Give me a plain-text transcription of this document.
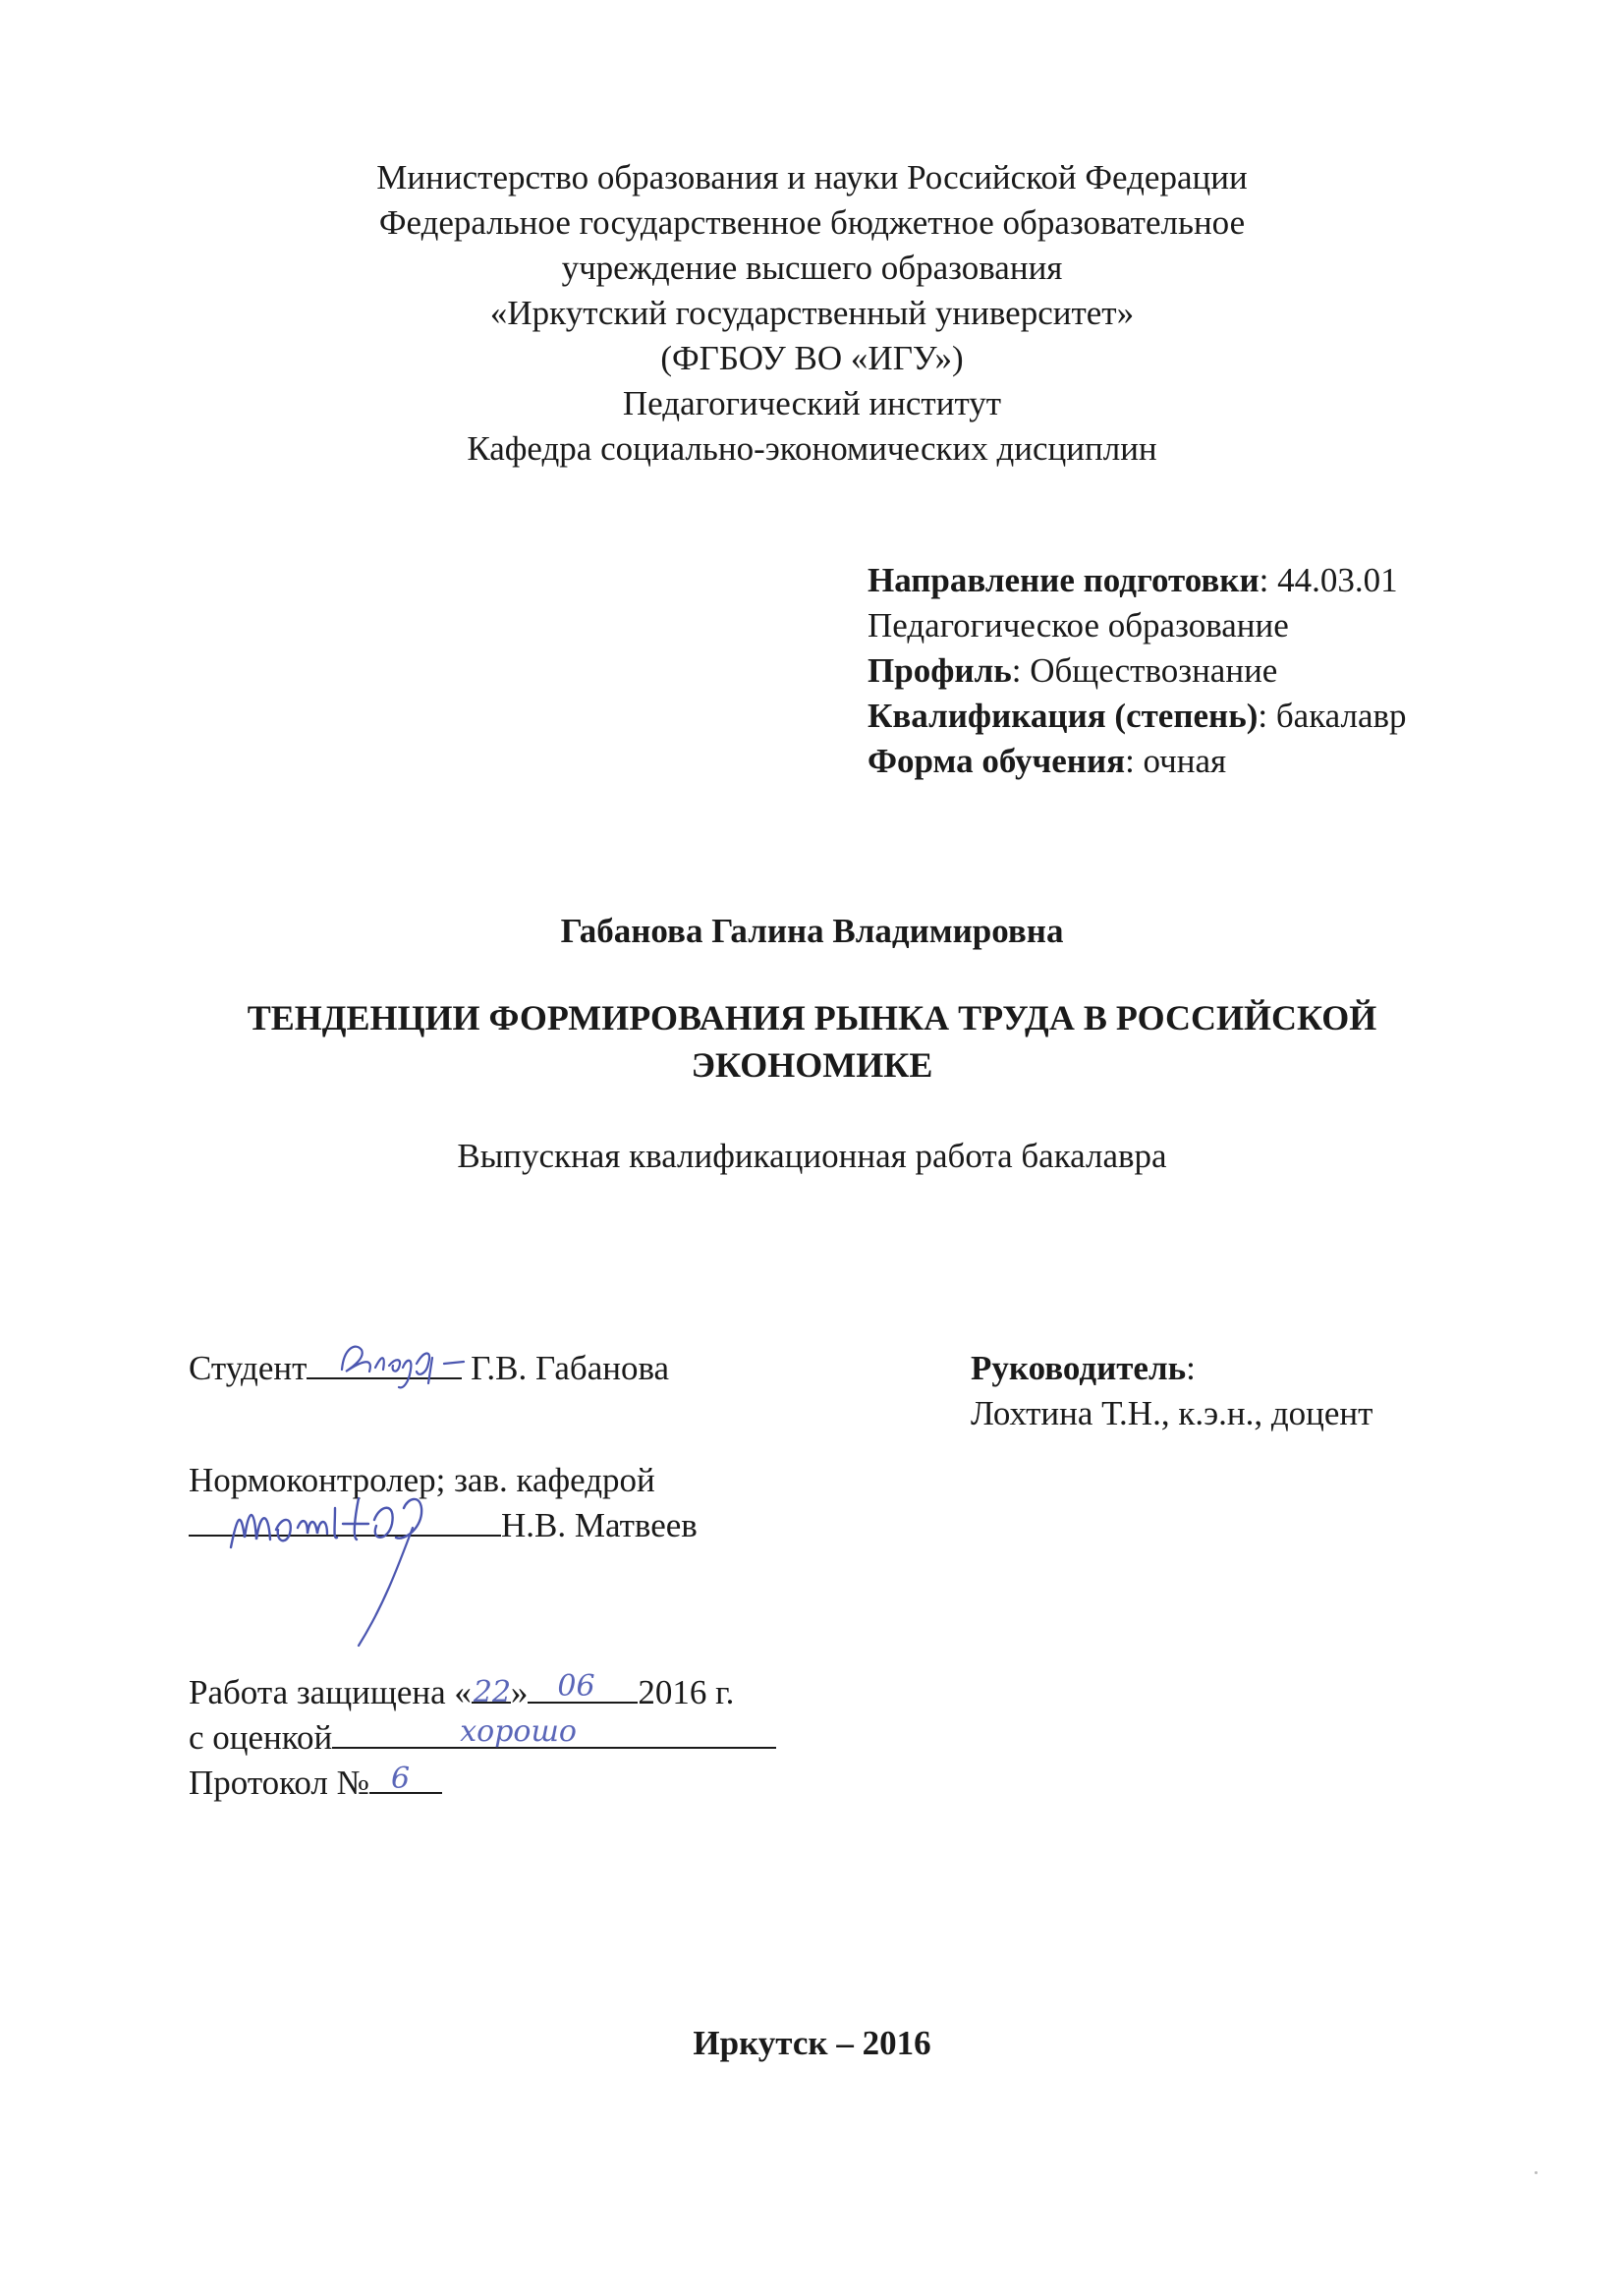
Министерство образования и науки Российской Федерации
Федеральное государственное бюджетное образовательное
учреждение высшего образования
«Иркутский государственный университет»
(ФГБОУ ВО «ИГУ»)
Педагогический институт
Кафедра социально-экономических дисциплин
Направление подготовки: 44.03.01
Педагогическое образование
Профиль: Обществознание
Квалификация (степень): бакалавр
Форма обучения: очная
Габанова Галина Владимировна
ТЕНДЕНЦИИ ФОРМИРОВАНИЯ РЫНКА ТРУДА В РОССИЙСКОЙ
ЭКОНОМИКЕ
Выпускная квалификационная работа бакалавра
Студент	Г.В. Габанова	Руководитель:
Лохтина Т.Н., к.э.н., доцент
Нормоконтролер; зав. кафедрой
Н.В. Матвеев
Работа защищена « 22 » 06 2016 г.
с оценкой	хорошо
Протокол № 6
Иркутск – 2016
